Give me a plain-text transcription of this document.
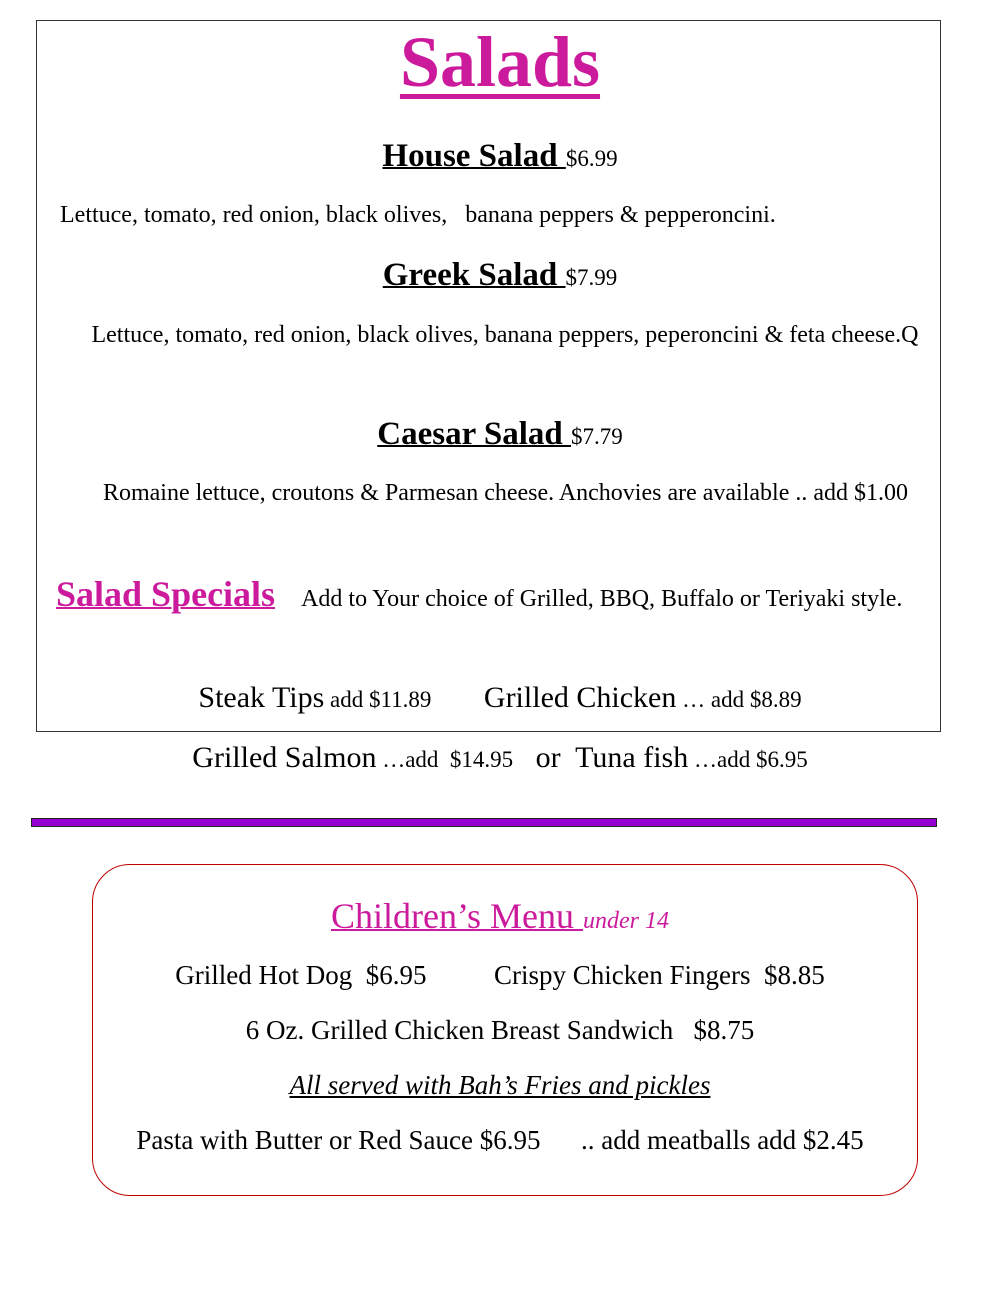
Salads
House Salad $6.99
Lettuce, tomato, red onion, black olives,   banana peppers & pepperoncini.
Greek Salad $7.99
Lettuce, tomato, red onion, black olives, banana peppers, peperoncini & feta cheese.Q
Caesar Salad $7.79
Romaine lettuce, croutons & Parmesan cheese. Anchovies are available .. add $1.00
Salad Specials Add to Your choice of Grilled, BBQ, Buffalo or Teriyaki style.
Steak Tips add $11.89 Grilled Chicken … add $8.89
Grilled Salmon …add  $14.95 or Tuna fish …add $6.95
Children’s Menu under 14
Grilled Hot Dog  $6.95	Crispy Chicken Fingers  $8.85
6 Oz. Grilled Chicken Breast Sandwich   $8.75
All served with Bah’s Fries and pickles
Pasta with Butter or Red Sauce $6.95 .. add meatballs add $2.45
